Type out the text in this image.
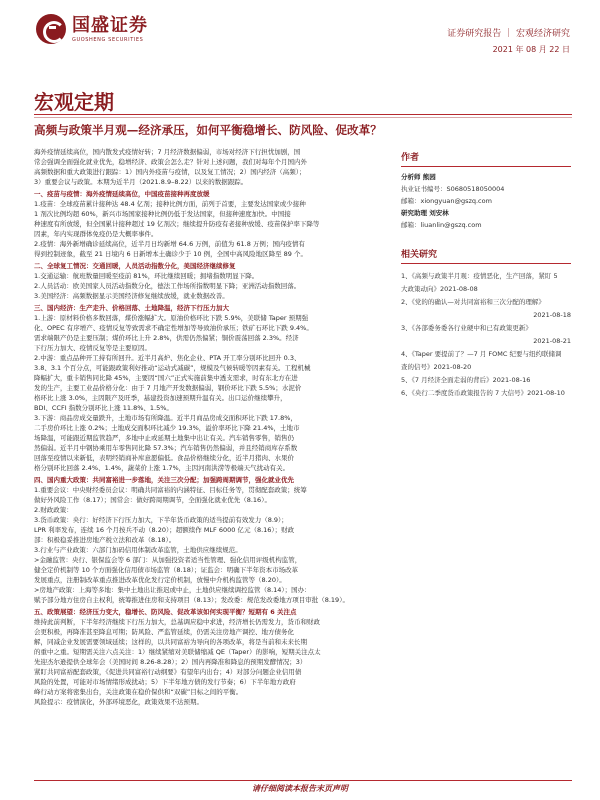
国盛证券
GUOSHENG SECURITIES
证券研究报告 ｜ 宏观经济研究
2021 年 08 月 22 日
宏观定期
高频与政策半月观—经济承压，如何平衡稳增长、防风险、促改革？

海外疫情延续高位，国内散发式疫情好转；7 月经济数据偏弱，市场对经济下行担忧加剧，国

常会强调全面强化就业优先，稳增经济、政策会怎么走？针对上述问题，我们对每年个月国内外

高频数据和重大政策进行跟踪：1）国内外疫苗与疫情，以及复工情况；2）国内经济（高频）；

3）重要会议与政策。本期为近半月（2021.8.9–8.22）以来的数据跟踪。

一、疫苗与疫情：海外疫情延续高位，中国疫苗接种再度放缓

1.疫苗：全球疫苗累计接种达 48.4 亿剂；接种比例方面，前列于首要，主要发达国家或少接种

1 剂次比例均超 60%，新兴市场国家接种比例仍低于发达国家，但接种速度加快。中国接

种速度有所放缓，但全国累计接种超过 19 亿剂次；继续提升防疫有老接种放缓、疫苗保护率下降等

因素，年内实现群体免疫仍是大概率事件。

2.疫情：海外新增确诊延续高位，近半月日均新增 64.6 万例，前值为 61.8 万例；国内疫情有

得到控制迹象，截至 21 日境内 6 日新增本土确诊少于 10 例，全国中高风险地区降至 89 个。

二、全球复工情况：交通回暖，人员活动指数分化，美国经济继续修复

1.交通运输：航班数量回暖至疫前 81%，环比继续回暖；拥堵指数明显下降。

2.人员活动：欧美国家人员活动指数分化，德法工作场所指数明显下降；亚洲活动指数回落。

3.美国经济：高频数据显示美国经济修复继续放缓，就业数据改善。

三、国内经济：生产走升、价格回落、土地降温，经济下行压力加大

1.上游：原材料价格多数回落，煤价涨幅扩大。原油价格环比下跌 5.9%，美联储 Taper 预期强

化、OPEC 有序增产、疫情反复等致需求不确定性增加等导致油价承压；铁矿石环比下跌 9.4%。

需求端限产仍是主要压制；煤价环比上升 2.8%，供需仍然偏紧；铜价震荡回落 2.3%。经济

下行压力加大、疫情反复等是主要原因。

2.中游：重点品种开工持有所回升。近半月高炉、焦化企业、PTA 开工率分别环比回升 0.3、

3.8、3.1 个百分点，可能跟政策利好推动“运动式减碳”，规模及气候转暖等因素有关。工程机械

降幅扩大，重卡销售同比降 45%，主要因“国六”正式实施前集中透支需求，时有东北方在进

发的生产，主要工业品价格分化：由于 7 月地产开发数据偏弱，钢价环比下跌 5.5%；水泥价

格环比上涨 3.0%，主因限产及旺季，基建投资加速预期升温有关。出口运价继续攀升，

BDI、CCFI 指数分别环比上涨 11.8%、1.5%。

3.下游：商品房成交量跌升，土地市场有所降温。近半月商品房成交面积环比下跌 17.8%，

二手房价环比上涨 0.2%；土地成交面积环比减少 19.3%，溢价率环比下降 21.4%，土地市

场降温，可能跟近期监管趋严，多地中止或延期土地集中出让有关。汽车销售零售，销售仍

然偏弱。近半月中钢协乘用车零售同比降 57.3%；汽车销售仍然偏弱，并且经销商库存系数

回落至疫情以来新低，表明经销商补库意愿偏低。食品价格继续分化，近半月猪肉、水果价

格分别环比回落 2.4%、1.4%，蔬菜价上涨 1.7%，主因河南洪涝等极端天气扰动有关。

四、国内重大政策：共同富裕进一步落地，关注三次分配；加强跨周期调节，强化就业优先

1.重要会议：中央财经委员会议：明确共同富裕的内涵特征、目标任务等，贯彻配套政策；统筹

做好外风险工作（8.17）；国常会：做好跨周期调节，全面强化就业优先（8.16）。

2.财政政策：

3.货币政策：央行：好经济下行压力加大，下半年货币政策的适当提前有效发力（8.9）；

LPR 利率发布，连续 16 个月按兵不动（8.20）；超额续作 MLF 6000 亿元（8.16）；财政

部：积极稳妥推进房地产税立法和改革（8.18）。

3.行业与产业政策：六部门加码信用体制改革监管，土地供应继续规范。

>金融监管：央行、银保监会等 6 部门：从加强投资者适当性管理、强化信用评级机构监管，

健全定价机制等 10 个方面强化信用债市场监管（8.18）；证监会：明确下半年资本市场改革

发展重点，注册制改革重点推进改革优化发行定价机制，放慢中介机构监管等（8.20）。

>房地产政策：上海等多地：集中土地出让推迟或中止，土地供应继续调控监管（8.14）；国办：

赋予部分地方住房自主权利，统筹推进住房和支持项目（8.13）；发改委：规范发改委地方项目审批（8.19）。

五、政策展望：经济压力变大，稳增长、防风险、促改革该如何实现平衡？短期有 6 关注点

维持此前判断，下半年经济继续下行压力加大，总基调应稳中求进，经济增长仍需发力，货币和财政

会更积极，再降准甚至降息可期；防风险、严监管延续，仍需关注房地产调控、地方债务化

解，同减企业发展需要领域延续；这样的，以共同富裕为导向的各项改革，将是当前和未来长期

的重中之重。短期需关注六点关注：1）继续紧缩对美联储缩减 QE（Taper）的影响，短期关注点太

先迎杰尔逊提供全球年会（美国时间 8.26-8.28）；2）国内再降准和降息的预期发酵情况；3）

紧盯共同富裕配套政策，《促进共同富裕行动纲要》有望年内出台；4）对部分问题企业信用债

风险的处置，可能对市场情绪形成扰动；5）下半年地方债的发行节奏；6）下半年地方政府

峰行动方案将密集出台，关注政策在稳价保供和“双碳”目标之间的平衡。

风险提示：疫情演化，外部环境恶化，政策效果不达预期。

作者
分析师 熊园
执业证书编号：S0680518050004
邮箱：xiongyuan@gszq.com
研究助理 刘安林
邮箱：liuanlin@gszq.com
相关研究
1、《高频与政策半月观：疫情恶化，生产回落，紧盯 5
大政策动向》2021-08-08
2、《党的的确认—对共同富裕和三次分配的理解》
2021-08-18
3、《各部委务委各行业硬中和已有政策更新》
2021-08-21
4、《Taper 要提前了？—7 月 FOMC 纪要与纽约联储调
查的信号》2021-08-20
5、《7 月经济全面走弱的背后》2021-08-16
6、《央行二季度货币政策报告的 7 大信号》2021-08-10
请仔细阅读本报告末页声明
